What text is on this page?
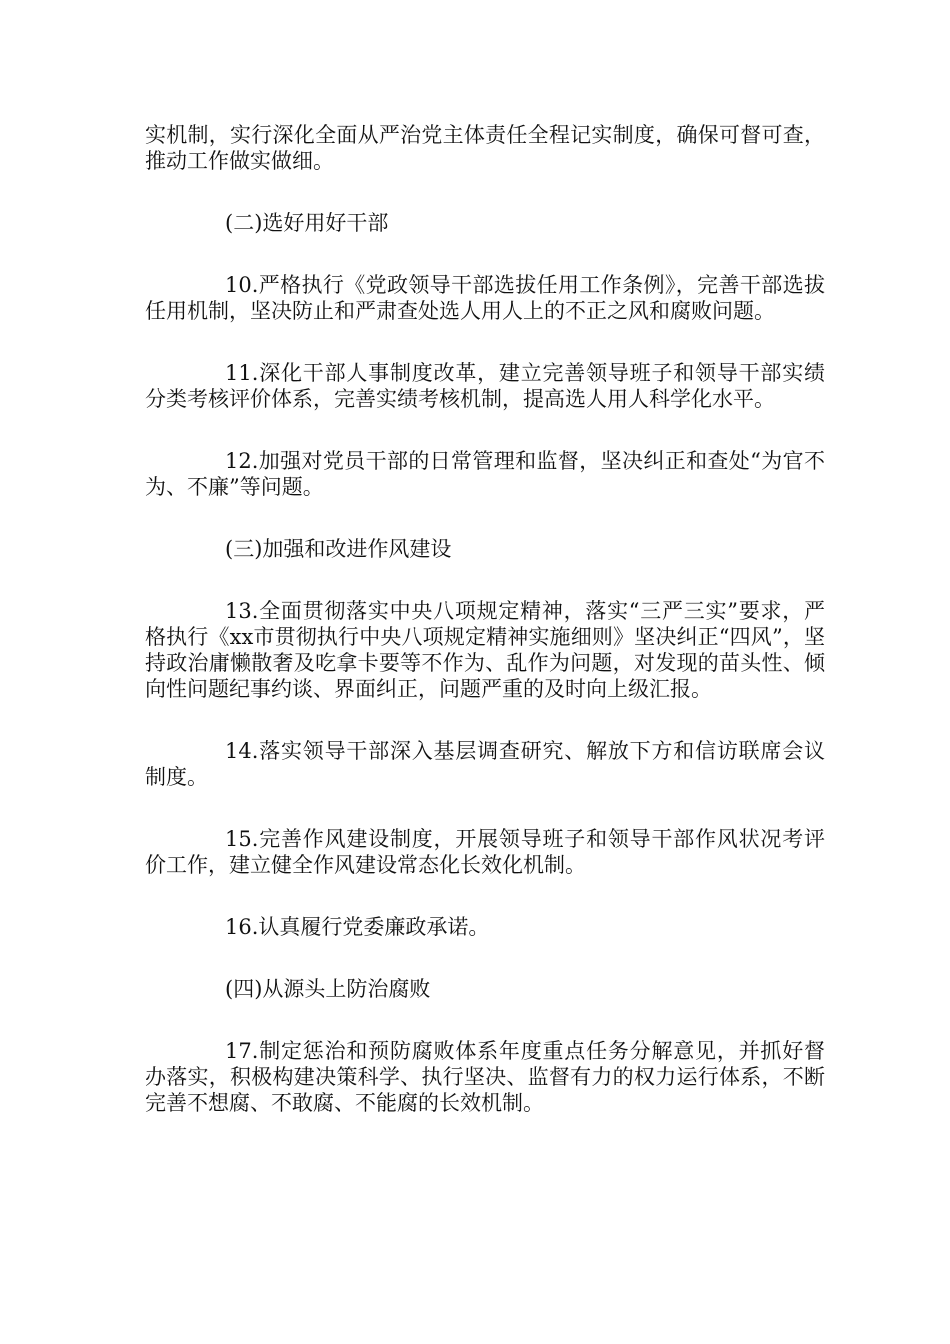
实机制，实行深化全面从严治党主体责任全程记实制度，确保可督可查，推动工作做实做细。

(二)选好用好干部

10.严格执行《党政领导干部选拔任用工作条例》，完善干部选拔任用机制，坚决防止和严肃查处选人用人上的不正之风和腐败问题。

11.深化干部人事制度改革，建立完善领导班子和领导干部实绩分类考核评价体系，完善实绩考核机制，提高选人用人科学化水平。

12.加强对党员干部的日常管理和监督，坚决纠正和查处“为官不为、不廉”等问题。

(三)加强和改进作风建设

13.全面贯彻落实中央八项规定精神，落实“三严三实”要求，严格执行《xx市贯彻执行中央八项规定精神实施细则》坚决纠正“四风”，坚持政治庸懒散奢及吃拿卡要等不作为、乱作为问题，对发现的苗头性、倾向性问题纪事约谈、界面纠正，问题严重的及时向上级汇报。

14.落实领导干部深入基层调查研究、解放下方和信访联席会议制度。

15.完善作风建设制度，开展领导班子和领导干部作风状况考评价工作，建立健全作风建设常态化长效化机制。

16.认真履行党委廉政承诺。

(四)从源头上防治腐败

17.制定惩治和预防腐败体系年度重点任务分解意见，并抓好督办落实，积极构建决策科学、执行坚决、监督有力的权力运行体系，不断完善不想腐、不敢腐、不能腐的长效机制。
